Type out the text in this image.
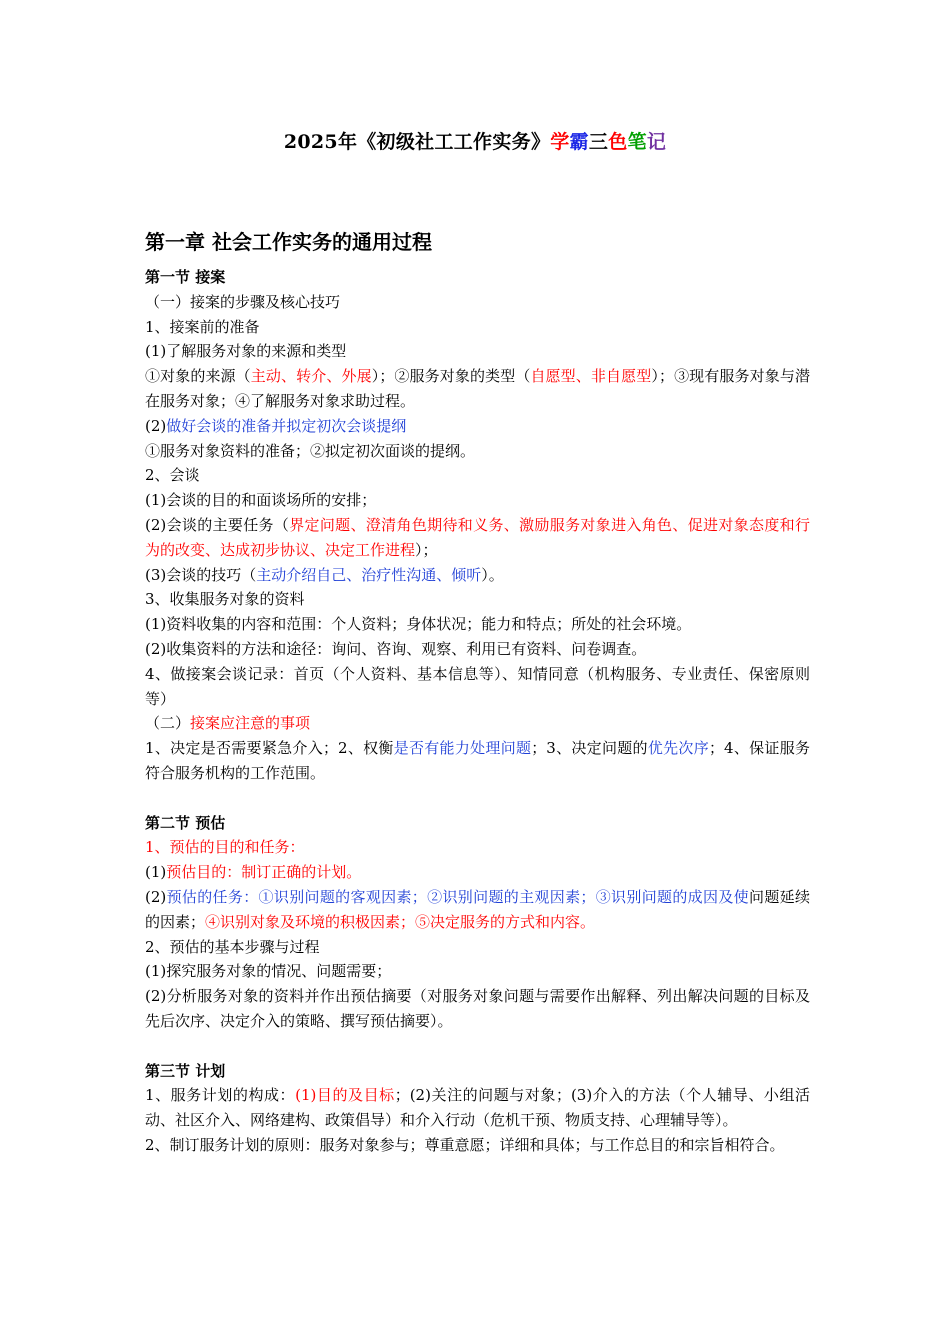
2025年《初级社工工作实务》学霸三色笔记
第一章 社会工作实务的通用过程
第一节 接案
（一）接案的步骤及核心技巧
1、接案前的准备
(1)了解服务对象的来源和类型
①对象的来源（主动、转介、外展）；②服务对象的类型（自愿型、非自愿型）；③现有服务对象与潜在服务对象；④了解服务对象求助过程。
(2)做好会谈的准备并拟定初次会谈提纲
①服务对象资料的准备；②拟定初次面谈的提纲。
2、会谈
(1)会谈的目的和面谈场所的安排；
(2)会谈的主要任务（界定问题、澄清角色期待和义务、激励服务对象进入角色、促进对象态度和行为的改变、达成初步协议、决定工作进程）；
(3)会谈的技巧（主动介绍自己、治疗性沟通、倾听）。
3、收集服务对象的资料
(1)资料收集的内容和范围：个人资料；身体状况；能力和特点；所处的社会环境。
(2)收集资料的方法和途径：询问、咨询、观察、利用已有资料、问卷调查。
4、做接案会谈记录：首页（个人资料、基本信息等）、知情同意（机构服务、专业责任、保密原则等）
（二）接案应注意的事项
1、决定是否需要紧急介入；2、权衡是否有能力处理问题；3、决定问题的优先次序；4、保证服务符合服务机构的工作范围。
第二节 预估
1、预估的目的和任务：
(1)预估目的：制订正确的计划。
(2)预估的任务：①识别问题的客观因素；②识别问题的主观因素；③识别问题的成因及使问题延续的因素；④识别对象及环境的积极因素；⑤决定服务的方式和内容。
2、预估的基本步骤与过程
(1)探究服务对象的情况、问题需要；
(2)分析服务对象的资料并作出预估摘要（对服务对象问题与需要作出解释、列出解决问题的目标及先后次序、决定介入的策略、撰写预估摘要）。
第三节 计划
1、服务计划的构成：(1)目的及目标；(2)关注的问题与对象；(3)介入的方法（个人辅导、小组活动、社区介入、网络建构、政策倡导）和介入行动（危机干预、物质支持、心理辅导等）。
2、制订服务计划的原则：服务对象参与；尊重意愿；详细和具体；与工作总目的和宗旨相符合。
